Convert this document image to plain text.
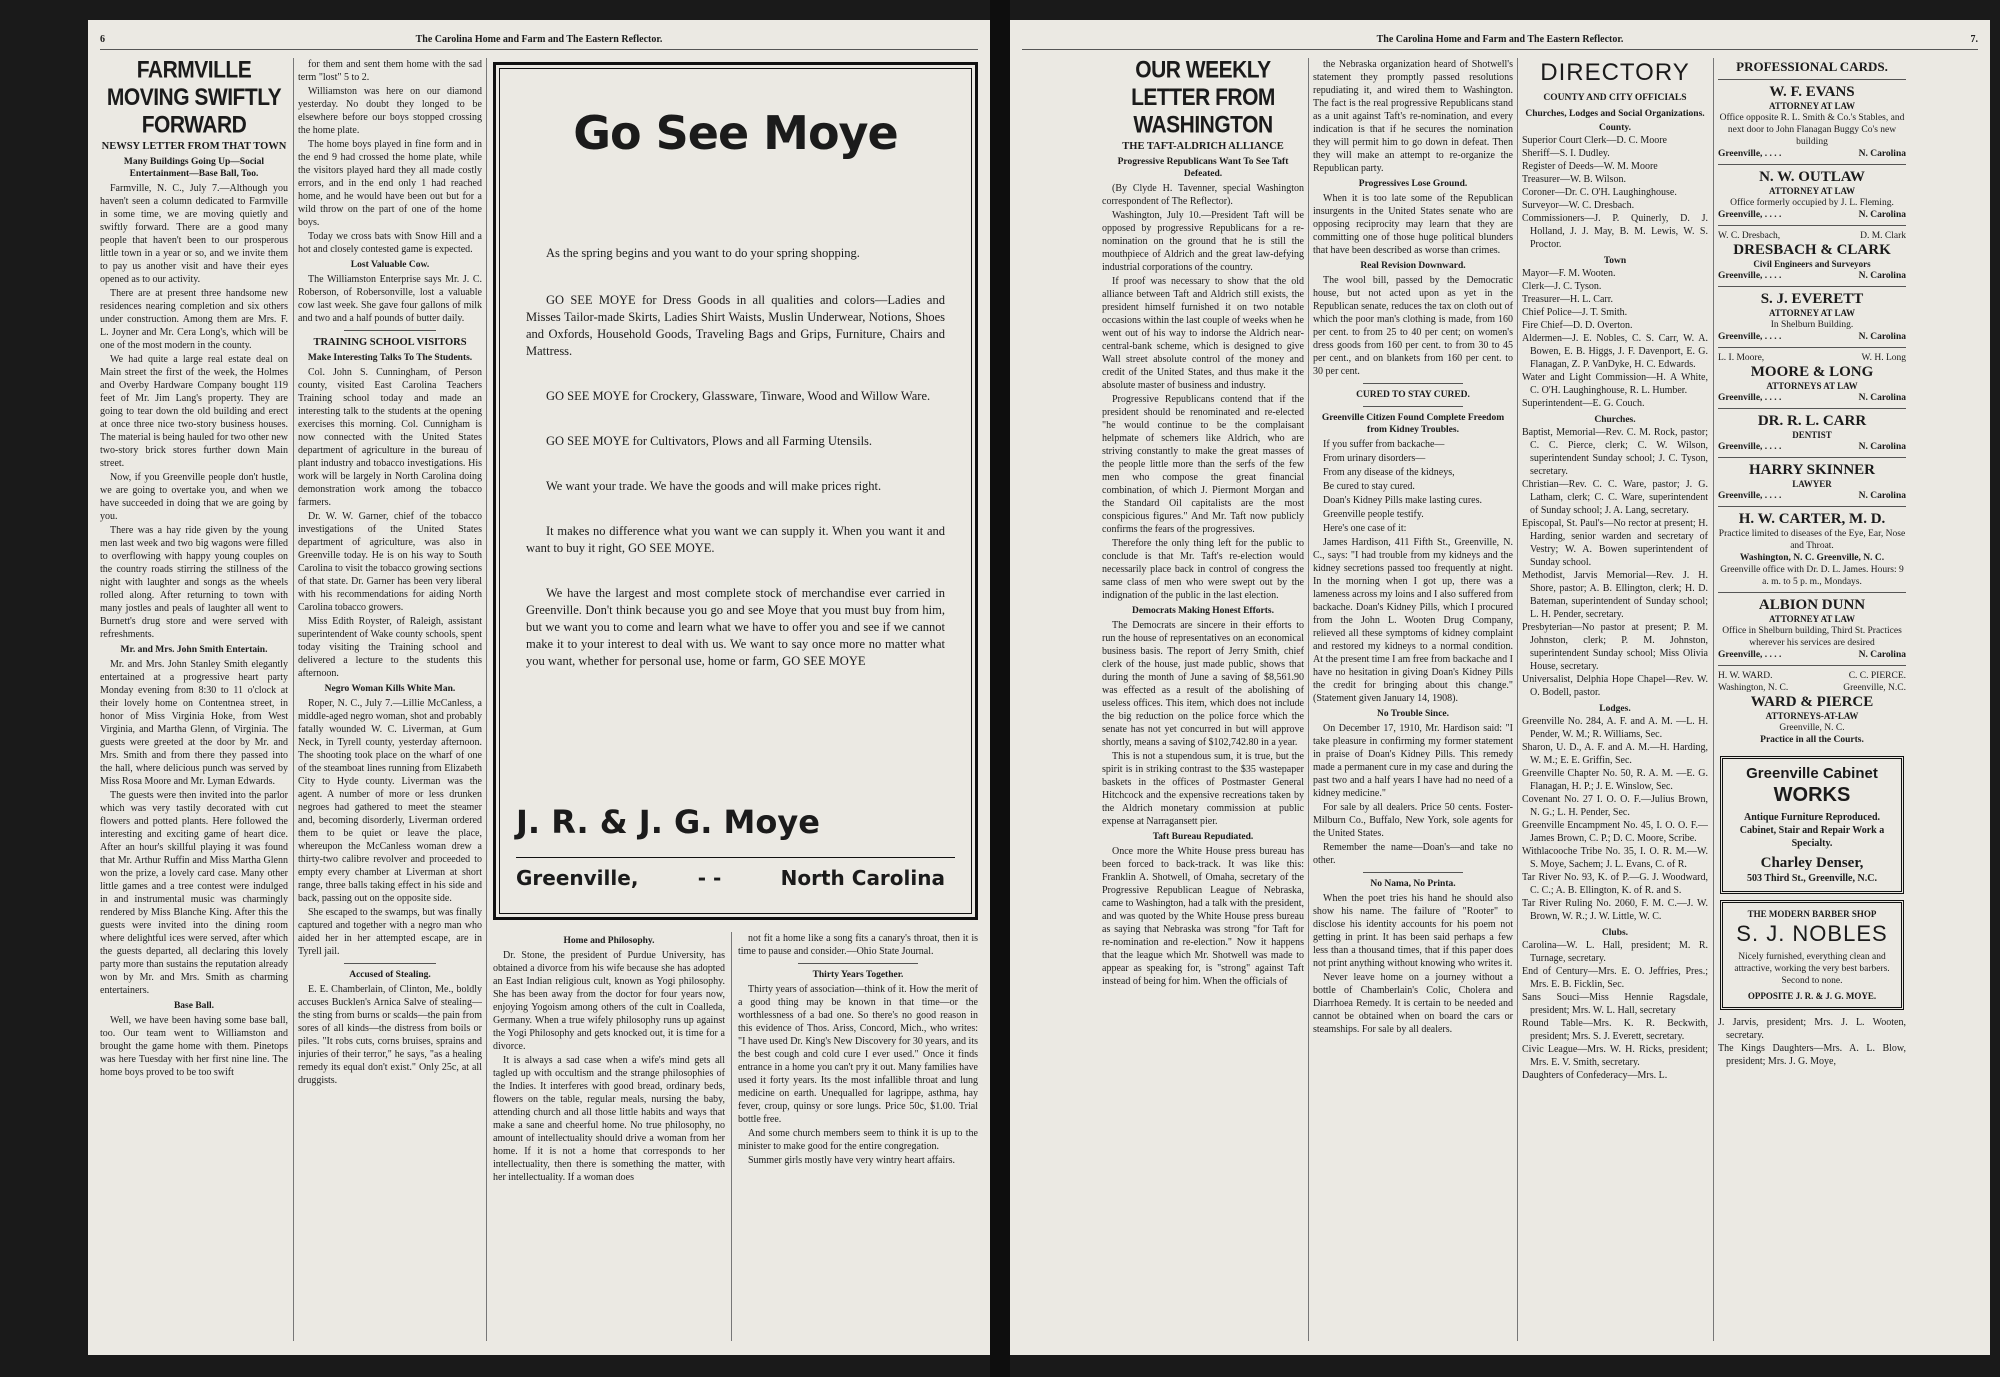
6	The Carolina Home and Farm and The Eastern Reflector.
FARMVILLE MOVING SWIFTLY FORWARD
NEWSY LETTER FROM THAT TOWN
Many Buildings Going Up—Social Entertainment—Base Ball, Too.

Farmville, N. C., July 7.—Although you haven't seen a column dedicated to Farmville in some time, we are moving quietly and swiftly forward. There are a good many people that haven't been to our prosperous little town in a year or so, and we invite them to pay us another visit and have their eyes opened as to our activity.

There are at present three handsome new residences nearing completion and six others under construction. Among them are Mrs. F. L. Joyner and Mr. Cera Long's, which will be one of the most modern in the county.

We had quite a large real estate deal on Main street the first of the week, the Holmes and Overby Hardware Company bought 119 feet of Mr. Jim Lang's property. They are going to tear down the old building and erect at once three nice two-story business houses. The material is being hauled for two other new two-story brick stores further down Main street.

Now, if you Greenville people don't hustle, we are going to overtake you, and when we have succeeded in doing that we are going by you.

There was a hay ride given by the young men last week and two big wagons were filled to overflowing with happy young couples on the country roads stirring the stillness of the night with laughter and songs as the wheels rolled along. After returning to town with many jostles and peals of laughter all went to Burnett's drug store and were served with refreshments.

Mr. and Mrs. John Smith Entertain.

Mr. and Mrs. John Stanley Smith elegantly entertained at a progressive heart party Monday evening from 8:30 to 11 o'clock at their lovely home on Contentnea street, in honor of Miss Virginia Hoke, from West Virginia, and Martha Glenn, of Virginia. The guests were greeted at the door by Mr. and Mrs. Smith and from there they passed into the hall, where delicious punch was served by Miss Rosa Moore and Mr. Lyman Edwards.

The guests were then invited into the parlor which was very tastily decorated with cut flowers and potted plants. Here followed the interesting and exciting game of heart dice. After an hour's skillful playing it was found that Mr. Arthur Ruffin and Miss Martha Glenn won the prize, a lovely card case. Many other little games and a tree contest were indulged in and instrumental music was charmingly rendered by Miss Blanche King. After this the guests were invited into the dining room where delightful ices were served, after which the guests departed, all declaring this lovely party more than sustains the reputation already won by Mr. and Mrs. Smith as charming entertainers.

Base Ball.

Well, we have been having some base ball, too. Our team went to Williamston and brought the game home with them. Pinetops was here Tuesday with her first nine line. The home boys proved to be too swift

for them and sent them home with the sad term "lost" 5 to 2.

Williamston was here on our diamond yesterday. No doubt they longed to be elsewhere before our boys stopped crossing the home plate.

The home boys played in fine form and in the end 9 had crossed the home plate, while the visitors played hard they all made costly errors, and in the end only 1 had reached home, and he would have been out but for a wild throw on the part of one of the home boys.

Today we cross bats with Snow Hill and a hot and closely contested game is expected.

Lost Valuable Cow.

The Williamston Enterprise says Mr. J. C. Roberson, of Robersonville, lost a valuable cow last week. She gave four gallons of milk and two and a half pounds of butter daily.

TRAINING SCHOOL VISITORS
Make Interesting Talks To The Students.

Col. John S. Cunningham, of Person county, visited East Carolina Teachers Training school today and made an interesting talk to the students at the opening exercises this morning. Col. Cunnigham is now connected with the United States department of agriculture in the bureau of plant industry and tobacco investigations. His work will be largely in North Carolina doing demonstration work among the tobacco farmers.

Dr. W. W. Garner, chief of the tobacco investigations of the United States department of agriculture, was also in Greenville today. He is on his way to South Carolina to visit the tobacco growing sections of that state. Dr. Garner has been very liberal with his recommendations for aiding North Carolina tobacco growers.

Miss Edith Royster, of Raleigh, assistant superintendent of Wake county schools, spent today visiting the Training school and delivered a lecture to the students this afternoon.

Negro Woman Kills White Man.

Roper, N. C., July 7.—Lillie McCanless, a middle-aged negro woman, shot and probably fatally wounded W. C. Liverman, at Gum Neck, in Tyrell county, yesterday afternoon. The shooting took place on the wharf of one of the steamboat lines running from Elizabeth City to Hyde county. Liverman was the agent. A number of more or less drunken negroes had gathered to meet the steamer and, becoming disorderly, Liverman ordered them to be quiet or leave the place, whereupon the McCanless woman drew a thirty-two calibre revolver and proceeded to empty every chamber at Liverman at short range, three balls taking effect in his side and back, passing out on the opposite side.

She escaped to the swamps, but was finally captured and together with a negro man who aided her in her attempted escape, are in Tyrell jail.

Accused of Stealing.

E. E. Chamberlain, of Clinton, Me., boldly accuses Bucklen's Arnica Salve of stealing—the sting from burns or scalds—the pain from sores of all kinds—the distress from boils or piles. "It robs cuts, corns bruises, sprains and injuries of their terror," he says, "as a healing remedy its equal don't exist." Only 25c, at all druggists.

Go See Moye

As the spring begins and you want to do your spring shopping.

GO SEE MOYE for Dress Goods in all qualities and colors—Ladies and Misses Tailor-made Skirts, Ladies Shirt Waists, Muslin Underwear, Notions, Shoes and Oxfords, Household Goods, Traveling Bags and Grips, Furniture, Chairs and Mattress.

GO SEE MOYE for Crockery, Glassware, Tinware, Wood and Willow Ware.

GO SEE MOYE for Cultivators, Plows and all Farming Utensils.

We want your trade. We have the goods and will make prices right.

It makes no difference what you want we can supply it. When you want it and want to buy it right, GO SEE MOYE.

We have the largest and most complete stock of merchandise ever carried in Greenville. Don't think because you go and see Moye that you must buy from him, but we want you to come and learn what we have to offer you and see if we cannot make it to your interest to deal with us. We want to say once more no matter what you want, whether for personal use, home or farm, GO SEE MOYE

J. R. & J. G. Moye
Greenville,	- -	North Carolina
Home and Philosophy.

Dr. Stone, the president of Purdue University, has obtained a divorce from his wife because she has adopted an East Indian religious cult, known as Yogi philosophy. She has been away from the doctor for four years now, enjoying Yogoism among others of the cult in Coalleda, Germany. When a true wifely philosophy runs up against the Yogi Philosophy and gets knocked out, it is time for a divorce.

It is always a sad case when a wife's mind gets all tagled up with occultism and the strange philosophies of the Indies. It interferes with good bread, ordinary beds, flowers on the table, regular meals, nursing the baby, attending church and all those little habits and ways that make a sane and cheerful home. No true philosophy, no amount of intellectuality should drive a woman from her home. If it is not a home that corresponds to her intellectuality, then there is something the matter, with her intellectuality. If a woman does

not fit a home like a song fits a canary's throat, then it is time to pause and consider.—Ohio State Journal.

Thirty Years Together.

Thirty years of association—think of it. How the merit of a good thing may be known in that time—or the worthlessness of a bad one. So there's no good reason in this evidence of Thos. Ariss, Concord, Mich., who writes: "I have used Dr. King's New Discovery for 30 years, and its the best cough and cold cure I ever used." Once it finds entrance in a home you can't pry it out. Many families have used it forty years. Its the most infallible throat and lung medicine on earth. Unequalled for lagrippe, asthma, hay fever, croup, quinsy or sore lungs. Price 50c, $1.00. Trial bottle free.

And some church members seem to think it is up to the minister to make good for the entire congregation.

Summer girls mostly have very wintry heart affairs.

The Carolina Home and Farm and The Eastern Reflector.	7.
OUR WEEKLY LETTER FROM WASHINGTON
THE TAFT-ALDRICH ALLIANCE
Progressive Republicans Want To See Taft Defeated.

(By Clyde H. Tavenner, special Washington correspondent of The Reflector).

Washington, July 10.—President Taft will be opposed by progressive Republicans for a re-nomination on the ground that he is still the mouthpiece of Aldrich and the great law-defying industrial corporations of the country.

If proof was necessary to show that the old alliance between Taft and Aldrich still exists, the president himself furnished it on two notable occasions within the last couple of weeks when he went out of his way to indorse the Aldrich near-central-bank scheme, which is designed to give Wall street absolute control of the money and credit of the United States, and thus make it the absolute master of business and industry.

Progressive Republicans contend that if the president should be renominated and re-elected "he would continue to be the complaisant helpmate of schemers like Aldrich, who are striving constantly to make the great masses of the people little more than the serfs of the few men who compose the great financial combination, of which J. Piermont Morgan and the Standard Oil capitalists are the most conspicious figures." And Mr. Taft now publicly confirms the fears of the progressives.

Therefore the only thing left for the public to conclude is that Mr. Taft's re-election would necessarily place back in control of congress the same class of men who were swept out by the indignation of the public in the last election.

Democrats Making Honest Efforts.

The Democrats are sincere in their efforts to run the house of representatives on an economical business basis. The report of Jerry Smith, chief clerk of the house, just made public, shows that during the month of June a saving of $8,561.90 was effected as a result of the abolishing of useless offices. This item, which does not include the big reduction on the police force which the senate has not yet concurred in but will approve shortly, means a saving of $102,742.80 in a year.

This is not a stupendous sum, it is true, but the spirit is in striking contrast to the $35 wastepaper baskets in the offices of Postmaster General Hitchcock and the expensive recreations taken by the Aldrich monetary commission at public expense at Narragansett pier.

Taft Bureau Repudiated.

Once more the White House press bureau has been forced to back-track. It was like this: Franklin A. Shotwell, of Omaha, secretary of the Progressive Republican League of Nebraska, came to Washington, had a talk with the president, and was quoted by the White House press bureau as saying that Nebraska was strong "for Taft for re-nomination and re-election." Now it happens that the league which Mr. Shotwell was made to appear as speaking for, is "strong" against Taft instead of being for him. When the officials of

the Nebraska organization heard of Shotwell's statement they promptly passed resolutions repudiating it, and wired them to Washington. The fact is the real progressive Republicans stand as a unit against Taft's re-nomination, and every indication is that if he secures the nomination they will permit him to go down in defeat. Then they will make an attempt to re-organize the Republican party.

Progressives Lose Ground.

When it is too late some of the Republican insurgents in the United States senate who are opposing reciprocity may learn that they are committing one of those huge political blunders that have been described as worse than crimes.

Real Revision Downward.

The wool bill, passed by the Democratic house, but not acted upon as yet in the Republican senate, reduces the tax on cloth out of which the poor man's clothing is made, from 160 per cent. to from 25 to 40 per cent; on women's dress goods from 160 per cent. to from 30 to 45 per cent., and on blankets from 160 per cent. to 30 per cent.

CURED TO STAY CURED.
Greenville Citizen Found Complete Freedom from Kidney Troubles.

If you suffer from backache—

From urinary disorders—

From any disease of the kidneys,

Be cured to stay cured.

Doan's Kidney Pills make lasting cures.

Greenville people testify.

Here's one case of it:

James Hardison, 411 Fifth St., Greenville, N. C., says: "I had trouble from my kidneys and the kidney secretions passed too frequently at night. In the morning when I got up, there was a lameness across my loins and I also suffered from backache. Doan's Kidney Pills, which I procured from the John L. Wooten Drug Company, relieved all these symptoms of kidney complaint and restored my kidneys to a normal condition. At the present time I am free from backache and I have no hesitation in giving Doan's Kidney Pills the credit for bringing about this change." (Statement given January 14, 1908).

No Trouble Since.

On December 17, 1910, Mr. Hardison said: "I take pleasure in confirming my former statement in praise of Doan's Kidney Pills. This remedy made a permanent cure in my case and during the past two and a half years I have had no need of a kidney medicine."

For sale by all dealers. Price 50 cents. Foster-Milburn Co., Buffalo, New York, sole agents for the United States.

Remember the name—Doan's—and take no other.

No Nama, No Printa.

When the poet tries his hand he should also show his name. The failure of "Rooter" to disclose his identity accounts for his poem not getting in print. It has been said perhaps a few less than a thousand times, that if this paper does not print anything without knowing who writes it.

Never leave home on a journey without a bottle of Chamberlain's Colic, Cholera and Diarrhoea Remedy. It is certain to be needed and cannot be obtained when on board the cars or steamships. For sale by all dealers.

DIRECTORY
COUNTY AND CITY OFFICIALS
Churches, Lodges and Social Organizations.
County.
Superior Court Clerk—D. C. Moore
Sheriff—S. I. Dudley.
Register of Deeds—W. M. Moore
Treasurer—W. B. Wilson.
Coroner—Dr. C. O'H. Laughinghouse.
Surveyor—W. C. Dresbach.
Commissioners—J. P. Quinerly, D. J. Holland, J. J. May, B. M. Lewis, W. S. Proctor.
Town
Mayor—F. M. Wooten.
Clerk—J. C. Tyson.
Treasurer—H. L. Carr.
Chief Police—J. T. Smith.
Fire Chief—D. D. Overton.
Aldermen—J. E. Nobles, C. S. Carr, W. A. Bowen, E. B. Higgs, J. F. Davenport, E. G. Flanagan, Z. P. VanDyke, H. C. Edwards.
Water and Light Commission—H. A White, C. O'H. Laughinghouse, R. L. Humber.
Superintendent—E. G. Couch.
Churches.
Baptist, Memorial—Rev. C. M. Rock, pastor; C. C. Pierce, clerk; C. W. Wilson, superintendent Sunday school; J. C. Tyson, secretary.
Christian—Rev. C. C. Ware, pastor; J. G. Latham, clerk; C. C. Ware, superintendent of Sunday school; J. A. Lang, secretary.
Episcopal, St. Paul's—No rector at present; H. Harding, senior warden and secretary of Vestry; W. A. Bowen superintendent of Sunday school.
Methodist, Jarvis Memorial—Rev. J. H. Shore, pastor; A. B. Ellington, clerk; H. D. Bateman, superintendent of Sunday school; L. H. Pender, secretary.
Presbyterian—No pastor at present; P. M. Johnston, clerk; P. M. Johnston, superintendent Sunday school; Miss Olivia House, secretary.
Universalist, Delphia Hope Chapel—Rev. W. O. Bodell, pastor.
Lodges.
Greenville No. 284, A. F. and A. M. —L. H. Pender, W. M.; R. Williams, Sec.
Sharon, U. D., A. F. and A. M.—H. Harding, W. M.; E. E. Griffin, Sec.
Greenville Chapter No. 50, R. A. M. —E. G. Flanagan, H. P.; J. E. Winslow, Sec.
Covenant No. 27 I. O. O. F.—Julius Brown, N. G.; L. H. Pender, Sec.
Greenville Encampment No. 45, I. O. O. F.—James Brown, C. P.; D. C. Moore, Scribe.
Withlacooche Tribe No. 35, I. O. R. M.—W. S. Moye, Sachem; J. L. Evans, C. of R.
Tar River No. 93, K. of P.—G. J. Woodward, C. C.; A. B. Ellington, K. of R. and S.
Tar River Ruling No. 2060, F. M. C.—J. W. Brown, W. R.; J. W. Little, W. C.
Clubs.
Carolina—W. L. Hall, president; M. R. Turnage, secretary.
End of Century—Mrs. E. O. Jeffries, Pres.; Mrs. E. B. Ficklin, Sec.
Sans Souci—Miss Hennie Ragsdale, president; Mrs. W. L. Hall, secretary
Round Table—Mrs. K. R. Beckwith, president; Mrs. S. J. Everett, secretary.
Civic League—Mrs. W. H. Ricks, president; Mrs. E. V. Smith, secretary.
Daughters of Confederacy—Mrs. L.
PROFESSIONAL CARDS.
W. F. EVANS
ATTORNEY AT LAW
Office opposite R. L. Smith & Co.'s Stables, and next door to John Flanagan Buggy Co's new building
Greenville, . . . .	N. Carolina
N. W. OUTLAW
ATTORNEY AT LAW
Office formerly occupied by J. L. Fleming.
Greenville, . . . .	N. Carolina
W. C. Dresbach,	D. M. Clark
DRESBACH & CLARK
Civil Engineers and Surveyors
Greenville, . . . .	N. Carolina
S. J. EVERETT
ATTORNEY AT LAW
In Shelburn Building.
Greenville, . . . .	N. Carolina
L. I. Moore,	W. H. Long
MOORE & LONG
ATTORNEYS AT LAW
Greenville, . . . .	N. Carolina
DR. R. L. CARR
DENTIST
Greenville, . . . .	N. Carolina
HARRY SKINNER
LAWYER
Greenville, . . . .	N. Carolina
H. W. CARTER, M. D.
Practice limited to diseases of the Eye, Ear, Nose and Throat.
Washington, N. C. Greenville, N. C.
Greenville office with Dr. D. L. James. Hours: 9 a. m. to 5 p. m., Mondays.
ALBION DUNN
ATTORNEY AT LAW
Office in Shelburn building, Third St. Practices wherever his services are desired
Greenville, . . . .	N. Carolina
H. W. WARD.	C. C. PIERCE.
Washington, N. C.	Greenville, N.C.
WARD & PIERCE
ATTORNEYS-AT-LAW
Greenville, N. C.
Practice in all the Courts.
Greenville Cabinet
WORKS
Antique Furniture Reproduced. Cabinet, Stair and Repair Work a Specialty.
Charley Denser,
503 Third St., Greenville, N.C.
THE MODERN BARBER SHOP
S. J. NOBLES
Nicely furnished, everything clean and attractive, working the very best barbers. Second to none.
OPPOSITE J. R. & J. G. MOYE.
J. Jarvis, president; Mrs. J. L. Wooten, secretary.
The Kings Daughters—Mrs. A. L. Blow, president; Mrs. J. G. Moye,
